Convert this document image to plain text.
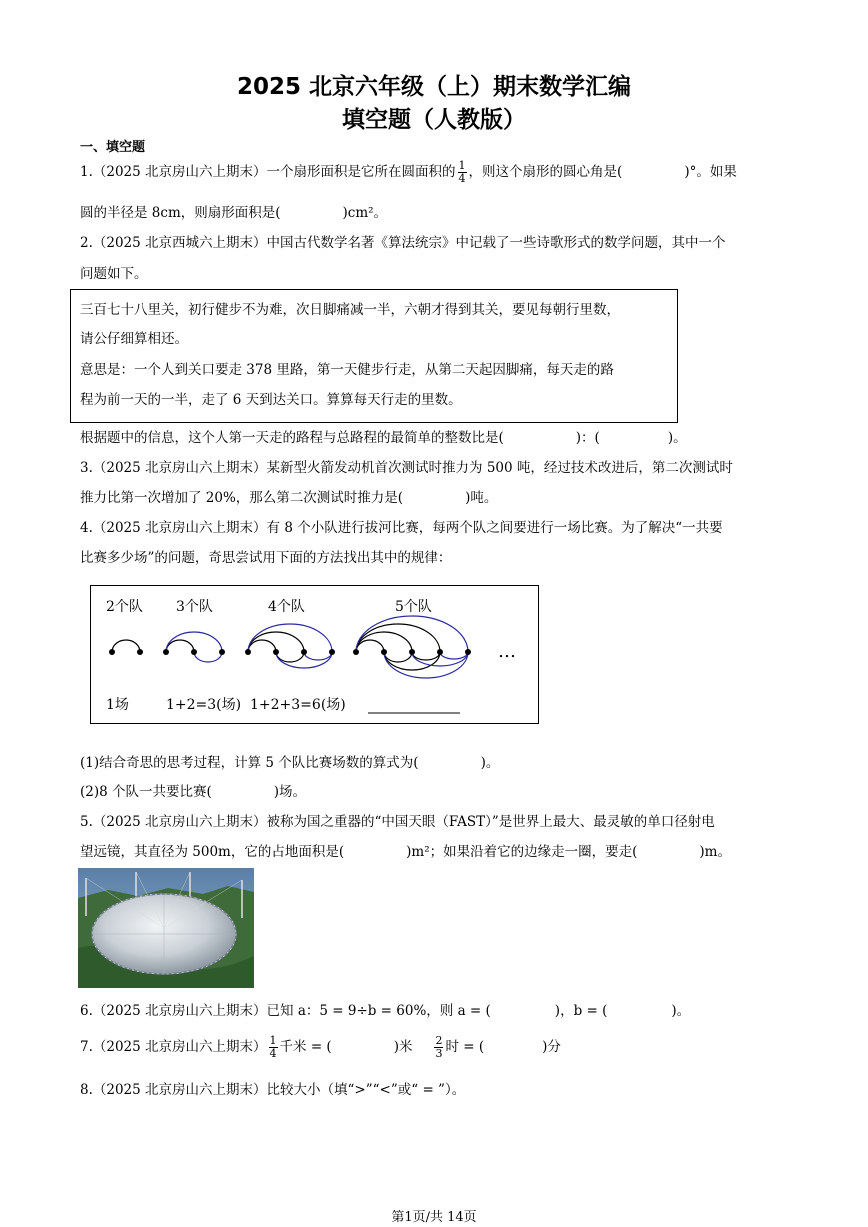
2025 北京六年级（上）期末数学汇编
填空题（人教版）
一、填空题
1.（2025 北京房山六上期末）一个扇形面积是它所在圆面积的 $\frac{1}{4}$ ，则这个扇形的圆心角是(	)°。如果
圆的半径是 8cm，则扇形面积是(	)cm²。
2.（2025 北京西城六上期末）中国古代数学名著《算法统宗》中记载了一些诗歌形式的数学问题，其中一个
问题如下。
三百七十八里关，初行健步不为难，次日脚痛减一半，六朝才得到其关，要见每朝行里数，
请公仔细算相还。
意思是：一个人到关口要走 378 里路，第一天健步行走，从第二天起因脚痛，每天走的路
程为前一天的一半，走了 6 天到达关口。算算每天行走的里数。
根据题中的信息，这个人第一天走的路程与总路程的最简单的整数比是(	)：(	)。
3.（2025 北京房山六上期末）某新型火箭发动机首次测试时推力为 500 吨，经过技术改进后，第二次测试时
推力比第一次增加了 20%，那么第二次测试时推力是(	)吨。
4.（2025 北京房山六上期末）有 8 个小队进行拔河比赛，每两个队之间要进行一场比赛。为了解决“一共要
比赛多少场”的问题，奇思尝试用下面的方法找出其中的规律：
2个队 3个队	4个队	5个队
…
1场	1+2=3(场) 1+2+3=6(场)
(1)结合奇思的思考过程，计算 5 个队比赛场数的算式为(	)。
(2)8 个队一共要比赛(	)场。
5.（2025 北京房山六上期末）被称为国之重器的“中国天眼（FAST）”是世界上最大、最灵敏的单口径射电
望远镜，其直径为 500m，它的占地面积是(	)m²；如果沿着它的边缘走一圈，要走(	)m。
6.（2025 北京房山六上期末）已知 a：5 = 9÷b = 60%，则 a = (	)，b = (	)。
7.（2025 北京房山六上期末） $\frac{1}{4}$ 千米 = (	)米 $\frac{2}{3}$ 时 = (	)分
8.（2025 北京房山六上期末）比较大小（填“>”“<”或“ = ”）。
第1页/共 14页
